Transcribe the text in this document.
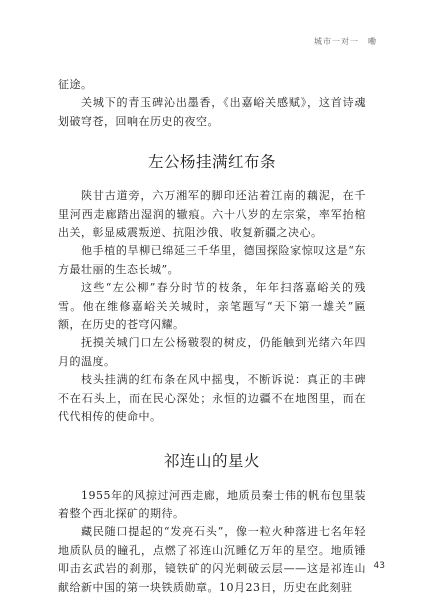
城市一对一　嘞

征途。

关城下的青玉碑沁出墨香，《出嘉峪关感赋》，这首诗魂划破穹苍，回响在历史的夜空。

左公杨挂满红布条

陕甘古道旁，六万湘军的脚印还沾着江南的藕泥，在千里河西走廊踏出湿润的辙痕。六十八岁的左宗棠，率军抬棺出关，彰显威震叛逆、抗阻沙俄、收复新疆之决心。

他手植的旱柳已绵延三千华里，德国探险家惊叹这是“东方最壮丽的生态长城”。

这些“左公柳”春分时节的枝条，年年扫落嘉峪关的残雪。他在维修嘉峪关关城时，亲笔题写“天下第一雄关”匾额，在历史的苍穹闪耀。

抚摸关城门口左公杨皲裂的树皮，仍能触到光绪六年四月的温度。

枝头挂满的红布条在风中摇曳，不断诉说：真正的丰碑不在石头上，而在民心深处；永恒的边疆不在地图里，而在代代相传的使命中。

祁连山的星火

1955年的风掠过河西走廊，地质员秦士伟的帆布包里装着整个西北探矿的期待。

藏民随口提起的“发亮石头”，像一粒火种落进七名年轻地质队员的瞳孔，点燃了祁连山沉睡亿万年的星空。地质锤叩击玄武岩的刹那，镜铁矿的闪光刺破云层——这是祁连山献给新中国的第一块铁质勋章。10月23日，历史在此刻驻

43
